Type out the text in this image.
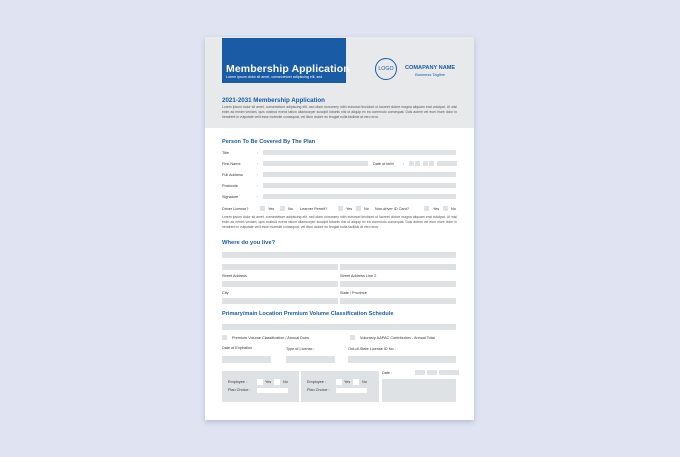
Membership Application
Lorem ipsum dolor sit amet, consectetuer adipiscing elit, sed
LOGO	COMAPANY NAME
Business Tagline
2021-2031 Membership Application
Lorem ipsum dolor sit amet, consectetuer adipiscing elit, sed diam nonummy nibh euismod tincidunt ut laoreet dolore magna aliquam erat volutpat. Ut wisi enim ad minim veniam, quis nostrud exerci tation ullamcorper suscipit lobortis nisl ut aliquip ex ea commodo consequat. Duis autem vel eum iriure dolor in hendrerit in vulputate velit esse molestie consequat, vel illum dolore eu feugiat nulla facilisis at vero eros
Person To Be Covered By The Plan
Title	:
First Name	:	Date of birth :
Full Address	:
Postcode	:
Signature	:
Driver License?	Yes	No Learner Permit?	Yes	No Non-driver ID Card?	Yes	No
Lorem ipsum dolor sit amet, consectetuer adipiscing elit, sed diam nonummy nibh euismod tincidunt ut laoreet dolore magna aliquam erat volutpat. Ut wisi enim ad minim veniam, quis nostrud exerci tation ullamcorper suscipit lobortis nisl ut aliquip ex ea commodo consequat. Duis autem vel eum iriure dolor in hendrerit in vulputate velit esse molestie consequat, vel illum dolore eu feugiat nulla facilisis at vero eros
Where do you live?
Street Address	Street Address Line 2
City	State / Province
Primary/main Location Premium Volume Classification Schedule
Premium Volume Classification / Annual Dues	Voluntary AAPAC Contribution - Annual Total
Date of Expiration	Type of License :	Out-of-State License ID No :
Employee :	Yes	No
Plan Choice :
Employee :	Yes	No
Plan Choice :
Date :
